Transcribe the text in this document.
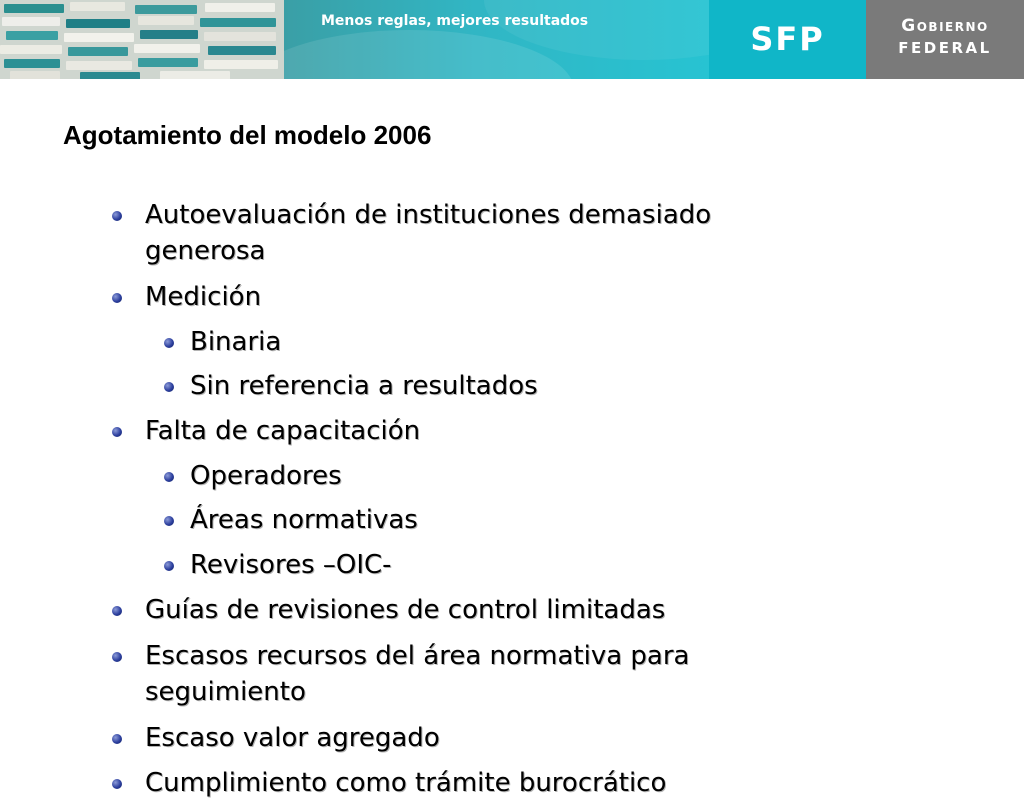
Menos reglas, mejores resultados	SFP	Gobierno
FEDERAL
Agotamiento del modelo 2006
Autoevaluación de instituciones demasiado generosa
Medición
Binaria
Sin referencia a resultados
Falta de capacitación
Operadores
Áreas normativas
Revisores –OIC-
Guías de revisiones de control limitadas
Escasos recursos del área normativa para seguimiento
Escaso valor agregado
Cumplimiento como trámite burocrático
